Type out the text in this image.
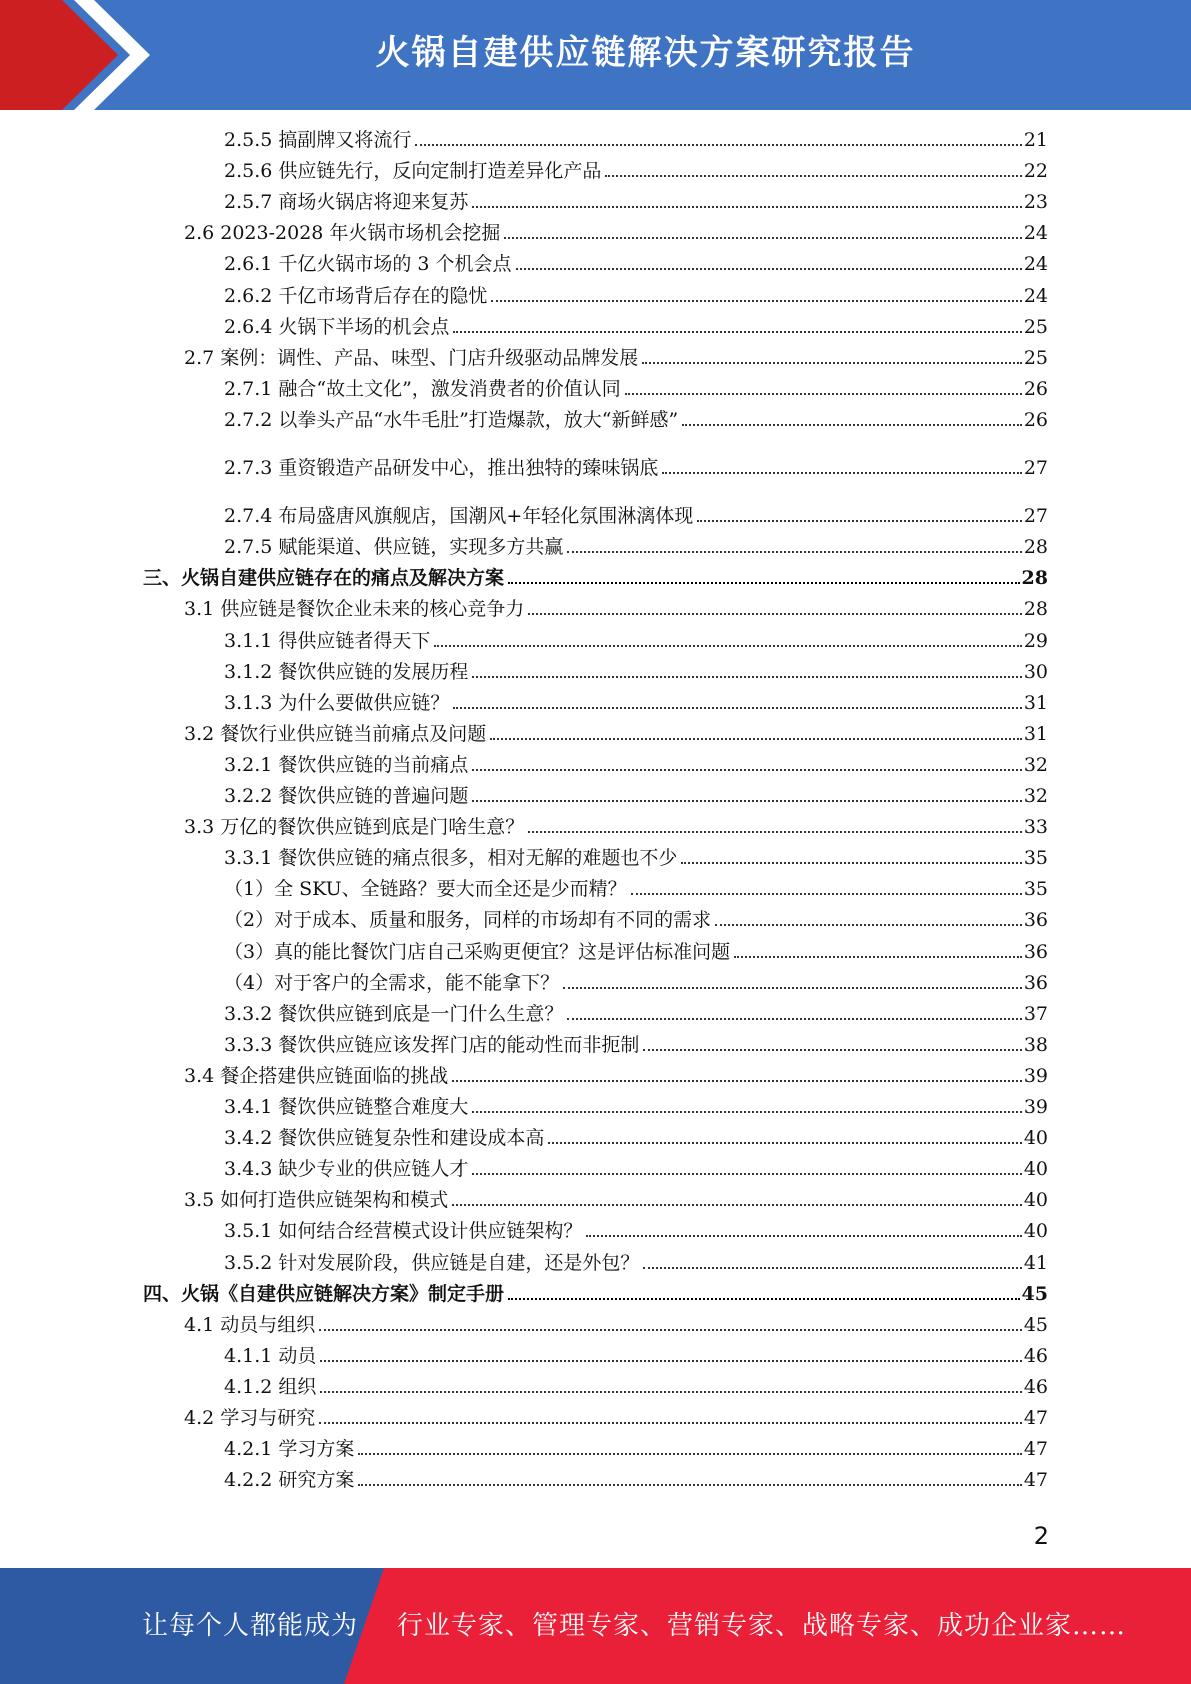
火锅自建供应链解决方案研究报告
2.5.5 搞副牌又将流行	21
2.5.6 供应链先行，反向定制打造差异化产品	22
2.5.7 商场火锅店将迎来复苏	23
2.6 2023-2028 年火锅市场机会挖掘	24
2.6.1 千亿火锅市场的 3 个机会点	24
2.6.2 千亿市场背后存在的隐忧	24
2.6.4 火锅下半场的机会点	25
2.7 案例：调性、产品、味型、门店升级驱动品牌发展	25
2.7.1 融合“故土文化”，激发消费者的价值认同	26
2.7.2 以拳头产品“水牛毛肚”打造爆款，放大“新鲜感”	26
2.7.3 重资锻造产品研发中心，推出独特的臻味锅底	27
2.7.4 布局盛唐风旗舰店，国潮风+年轻化氛围淋漓体现	27
2.7.5 赋能渠道、供应链，实现多方共赢	28
三、火锅自建供应链存在的痛点及解决方案	28
3.1 供应链是餐饮企业未来的核心竞争力	28
3.1.1 得供应链者得天下	29
3.1.2 餐饮供应链的发展历程	30
3.1.3 为什么要做供应链？	31
3.2 餐饮行业供应链当前痛点及问题	31
3.2.1 餐饮供应链的当前痛点	32
3.2.2 餐饮供应链的普遍问题	32
3.3 万亿的餐饮供应链到底是门啥生意？	33
3.3.1 餐饮供应链的痛点很多，相对无解的难题也不少	35
（1）全 SKU、全链路？要大而全还是少而精？	35
（2）对于成本、质量和服务，同样的市场却有不同的需求	36
（3）真的能比餐饮门店自己采购更便宜？这是评估标准问题	36
（4）对于客户的全需求，能不能拿下？	36
3.3.2 餐饮供应链到底是一门什么生意？	37
3.3.3 餐饮供应链应该发挥门店的能动性而非扼制	38
3.4 餐企搭建供应链面临的挑战	39
3.4.1 餐饮供应链整合难度大	39
3.4.2 餐饮供应链复杂性和建设成本高	40
3.4.3 缺少专业的供应链人才	40
3.5 如何打造供应链架构和模式	40
3.5.1 如何结合经营模式设计供应链架构？	40
3.5.2 针对发展阶段，供应链是自建，还是外包？	41
四、火锅《自建供应链解决方案》制定手册	45
4.1 动员与组织	45
4.1.1 动员	46
4.1.2 组织	46
4.2 学习与研究	47
4.2.1 学习方案	47
4.2.2 研究方案	47
2
让每个人都能成为 行业专家、管理专家、营销专家、战略专家、成功企业家……
